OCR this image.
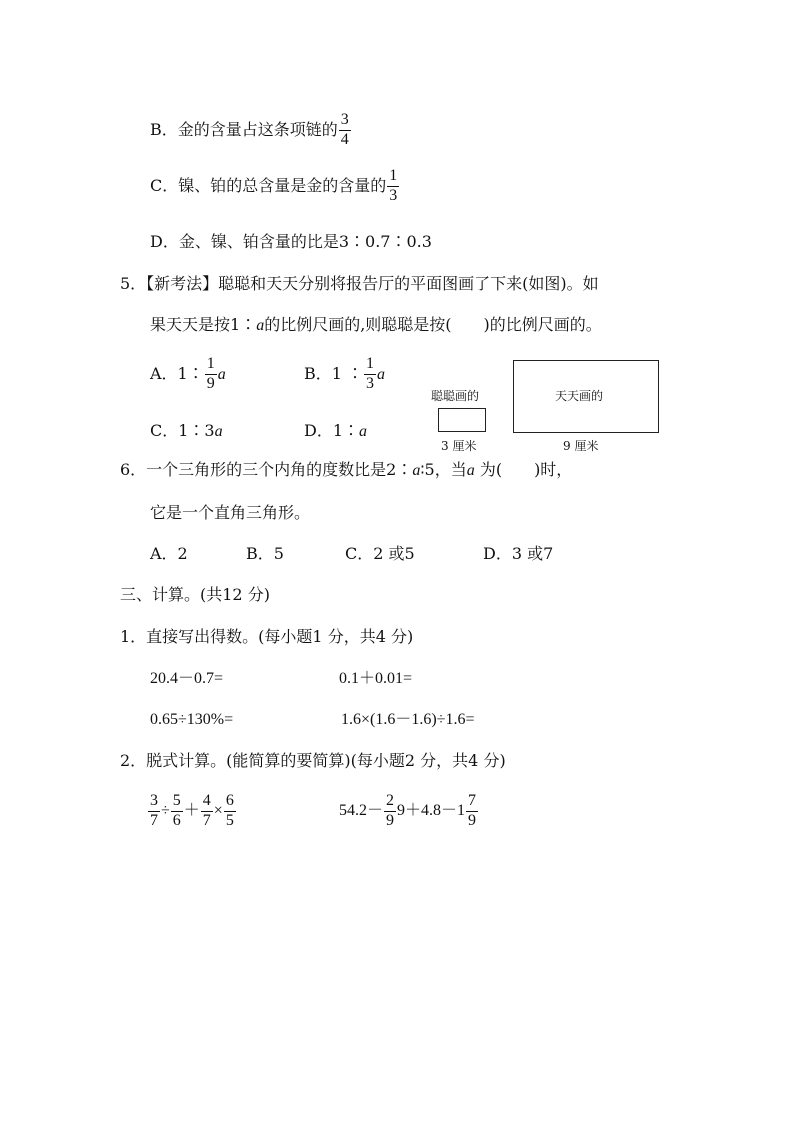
B．金的含量占这条项链的 $\frac{3}{4}$
C．镍、铂的总含量是金的含量的 $\frac{1}{3}$
D．金、镍、铂含量的比是3∶0.7∶0.3
5．【新考法】聪聪和天天分别将报告厅的平面图画了下来(如图)。如
果天天是按1∶a的比例尺画的,则聪聪是按(　　)的比例尺画的。
A．1∶ $\frac{1}{9}$ a	B．1 ∶ $\frac{1}{3}$ a
C．1∶3a	D．1∶a
聪聪画的
3 厘米
天天画的
9 厘米
6．一个三角形的三个内角的度数比是2∶a∶5，当a 为(　　)时，
它是一个直角三角形。
A．2	B．5	C．2 或5	D．3 或7
三、计算。(共12 分)
1．直接写出得数。(每小题1 分，共4 分)
20.4－0.7=	0.1＋0.01=
0.65÷130%=	1.6×(1.6－1.6)÷1.6=
2．脱式计算。(能简算的要简算)(每小题2 分，共4 分)
$\frac{3}{7} \div \frac{5}{6} + \frac{4}{7} \times \frac{6}{5}$	$54.2- \frac{2}{9} 9+4.8-1 \frac{7}{9}$
